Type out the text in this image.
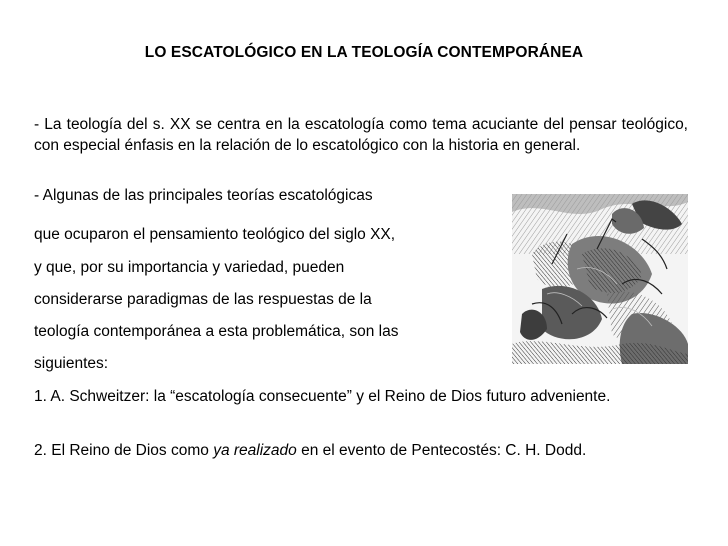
LO ESCATOLÓGICO EN LA TEOLOGÍA CONTEMPORÁNEA

- La teología del s. XX se centra en la escatología como tema acuciante del pensar teológico, con especial énfasis en la relación de lo escatológico con la historia en general.

- Algunas de las principales teorías escatológicas
que ocuparon el pensamiento teológico del siglo XX,
y que, por su importancia y variedad, pueden
considerarse paradigmas de las respuestas de la
teología contemporánea a esta problemática, son las
siguientes:

1. A. Schweitzer: la “escatología consecuente” y el Reino de Dios futuro adveniente.

2. El Reino de Dios como ya realizado en el evento de Pentecostés: C. H. Dodd.
